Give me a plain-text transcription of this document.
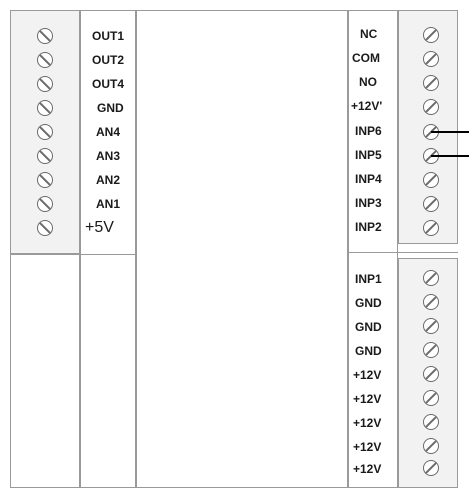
OUT1
OUT2
OUT4
GND
AN4
AN3
AN2
AN1
+5V
NC
COM
NO
+12V'
INP6
INP5
INP4
INP3
INP2
INP1
GND
GND
GND
+12V
+12V
+12V
+12V
+12V
